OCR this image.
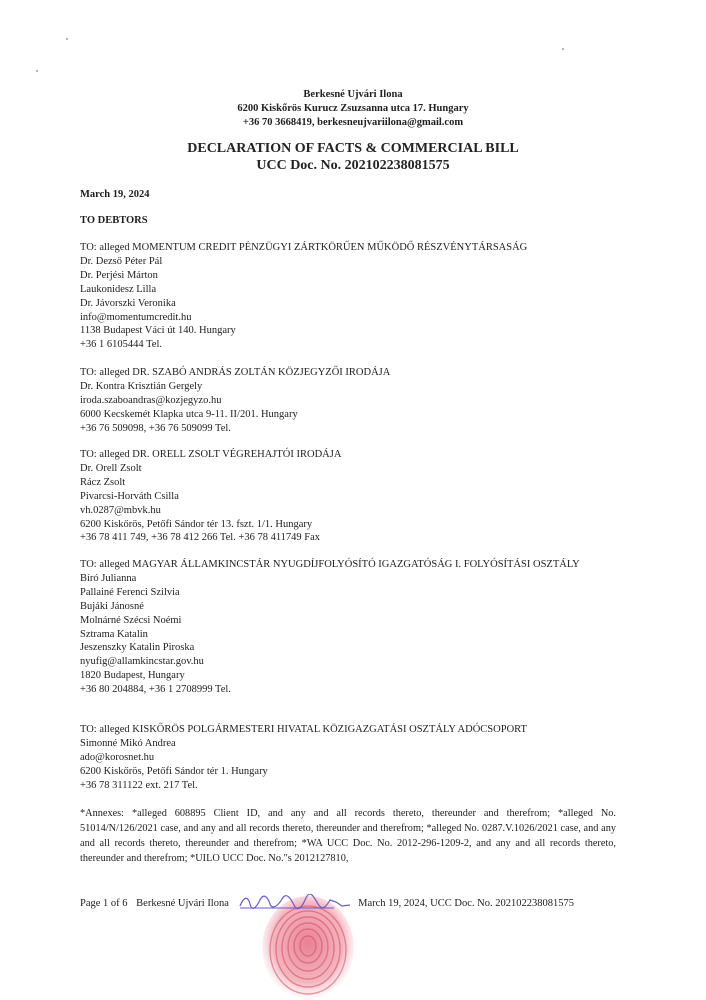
Berkesné Ujvári Ilona
6200 Kiskőrös Kurucz Zsuzsanna utca 17. Hungary
+36 70 3668419, berkesneujvariilona@gmail.com
DECLARATION OF FACTS & COMMERCIAL BILL
UCC Doc. No. 202102238081575
March 19, 2024
TO DEBTORS
TO: alleged MOMENTUM CREDIT PÉNZÜGYI ZÁRTKÖRŰEN MŰKÖDŐ RÉSZVÉNYTÁRSASÁG
Dr. Dezső Péter Pál
Dr. Perjési Márton
Laukonidesz Lilla
Dr. Jávorszki Veronika
info@momentumcredit.hu
1138 Budapest Váci út 140. Hungary
+36 1 6105444 Tel.
TO: alleged DR. SZABÓ ANDRÁS ZOLTÁN KÖZJEGYZŐI IRODÁJA
Dr. Kontra Krisztián Gergely
iroda.szaboandras@kozjegyzo.hu
6000 Kecskemét Klapka utca 9-11. II/201. Hungary
+36 76 509098, +36 76 509099 Tel.
TO: alleged DR. ORELL ZSOLT VÉGREHAJTÓI IRODÁJA
Dr. Orell Zsolt
Rácz Zsolt
Pivarcsi-Horváth Csilla
vh.0287@mbvk.hu
6200 Kiskőrös, Petőfi Sándor tér 13. fszt. 1/1. Hungary
+36 78 411 749, +36 78 412 266 Tel. +36 78 411749 Fax
TO: alleged MAGYAR ÁLLAMKINCSTÁR NYUGDÍJFOLYÓSÍTÓ IGAZGATÓSÁG I. FOLYÓSÍTÁSI OSZTÁLY
Bíró Julianna
Pallainé Ferenci Szilvia
Bujáki Jánosné
Molnárné Szécsi Noémi
Sztrama Katalin
Jeszenszky Katalin Piroska
nyufig@allamkincstar.gov.hu
1820 Budapest, Hungary
+36 80 204884, +36 1 2708999 Tel.
TO: alleged KISKŐRÖS POLGÁRMESTERI HIVATAL KÖZIGAZGATÁSI OSZTÁLY ADÓCSOPORT
Simonné Mikó Andrea
ado@korosnet.hu
6200 Kiskőrös, Petőfi Sándor tér 1. Hungary
+36 78 311122 ext. 217 Tel.
*Annexes: *alleged 608895 Client ID, and any and all records thereto, thereunder and therefrom; *alleged No. 51014/N/126/2021 case, and any and all records thereto, thereunder and therefrom; *alleged No. 0287.V.1026/2021 case, and any and all records thereto, thereunder and therefrom; *WA UCC Doc. No. 2012-296-1209-2, and any and all records thereto, thereunder and therefrom; *UILO UCC Doc. No."s 2012127810,
Page 1 of 6 Berkesné Ujvári Ilona	March 19, 2024, UCC Doc. No. 202102238081575
